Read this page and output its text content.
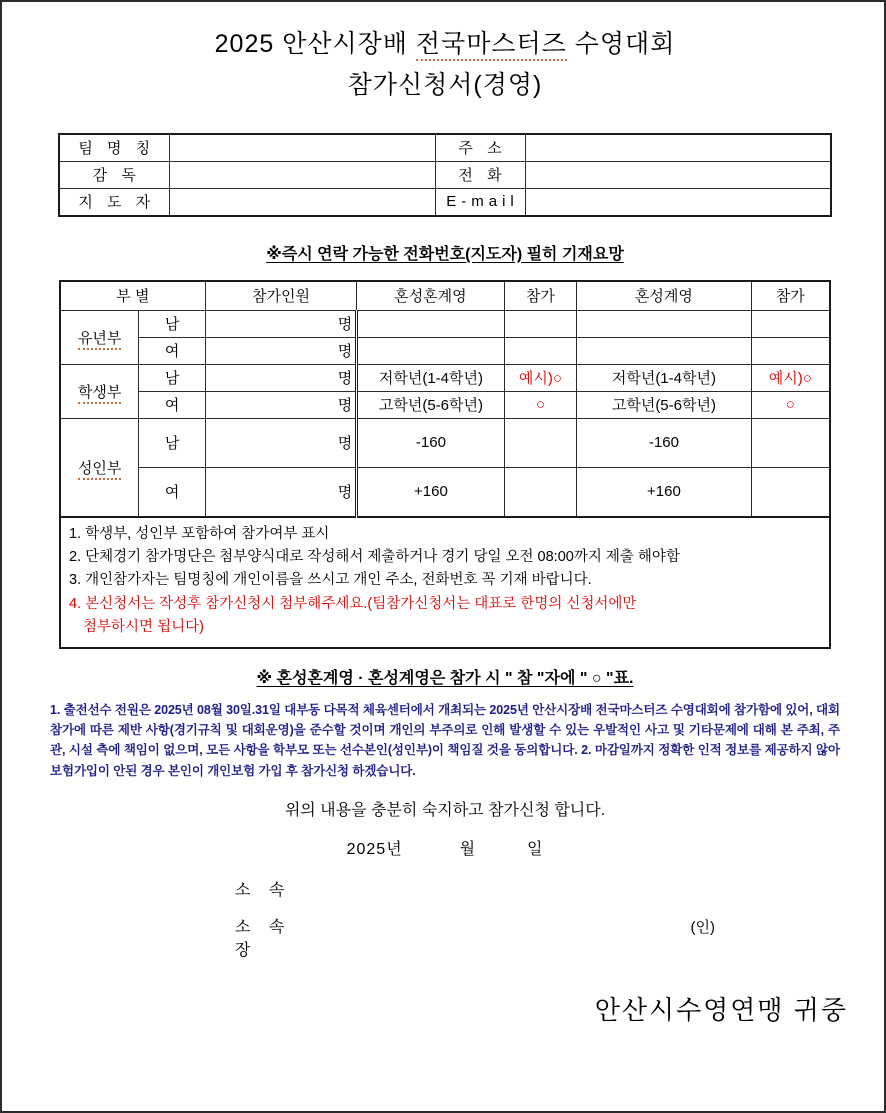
2025 안산시장배 전국마스터즈 수영대회
참가신청서(경영)
팀 명 칭		주 소	
감 독		전 화	
지 도 자		E-mail	
※즉시 연락 가능한 전화번호(지도자) 필히 기재요망
부 별		참가인원	혼성혼계영	참가	혼성계영	참가
유년부	남	명				
	여	명				
학생부	남	명	저학년(1-4학년)	예시)○	저학년(1-4학년)	예시)○
	여	명	고학년(5-6학년)	○	고학년(5-6학년)	○
성인부	남	명	-160		-160	
	여	명	+160		+160	
1. 학생부, 성인부 포함하여 참가여부 표시
2. 단체경기 참가명단은 첨부양식대로 작성해서 제출하거나 경기 당일 오전 08:00까지 제출 해야함
3. 개인참가자는 팀명칭에 개인이름을 쓰시고 개인 주소, 전화번호 꼭 기재 바랍니다.
4. 본신청서는 작성후 참가신청시 첨부해주세요.(팀참가신청서는 대표로 한명의 신청서에만
첨부하시면 됩니다)
※ 혼성혼계영 · 혼성계영은 참가 시 " 참 "자에 " ○ "표.
1. 출전선수 전원은 2025년 08월 30일.31일 대부동 다목적 체육센터에서 개최되는 2025년 안산시장배 전국마스터즈 수영대회에 참가함에 있어, 대회 참가에 따른 제반 사항(경기규칙 및 대회운영)을 준수할 것이며 개인의 부주의로 인해 발생할 수 있는 우발적인 사고 및 기타문제에 대해 본 주최, 주관, 시설 측에 책임이 없으며, 모든 사항을 학부모 또는 선수본인(성인부)이 책임질 것을 동의합니다. 2. 마감일까지 정확한 인적 정보를 제공하지 않아 보험가입이 안된 경우 본인이 개인보험 가입 후 참가신청 하겠습니다.
위의 내용을 충분히 숙지하고 참가신청 합니다.
2025년	월	일
소 속
소 속 장
(인)
안산시수영연맹 귀중
